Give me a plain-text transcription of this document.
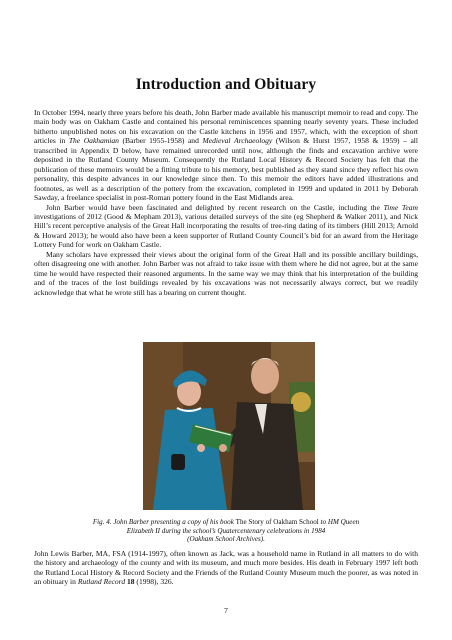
Introduction and Obituary

In October 1994, nearly three years before his death, John Barber made available his manuscript memoir to read and copy. The main body was on Oakham Castle and contained his personal reminiscences spanning nearly seventy years. These included hitherto unpublished notes on his excavation on the Castle kitchens in 1956 and 1957, which, with the exception of short articles in The Oakhamian (Barber 1955-1958) and Medieval Archaeology (Wilson & Hurst 1957, 1958 & 1959) – all transcribed in Appendix D below, have remained unrecorded until now, although the finds and excavation archive were deposited in the Rutland County Museum. Consequently the Rutland Local History & Record Society has felt that the publication of these memoirs would be a fitting tribute to his memory, best published as they stand since they reflect his own personality, this despite advances in our knowledge since then. To this memoir the editors have added illustrations and footnotes, as well as a description of the pottery from the excavation, completed in 1999 and updated in 2011 by Deborah Sawday, a freelance specialist in post-Roman pottery found in the East Midlands area.

John Barber would have been fascinated and delighted by recent research on the Castle, including the Time Team investigations of 2012 (Good & Mepham 2013), various detailed surveys of the site (eg Shepherd & Walker 2011), and Nick Hill’s recent perceptive analysis of the Great Hall incorporating the results of tree-ring dating of its timbers (Hill 2013; Arnold & Howard 2013); he would also have been a keen supporter of Rutland County Council’s bid for an award from the Heritage Lottery Fund for work on Oakham Castle.

Many scholars have expressed their views about the original form of the Great Hall and its possible ancillary buildings, often disagreeing one with another. John Barber was not afraid to take issue with them where he did not agree, but at the same time he would have respected their reasoned arguments. In the same way we may think that his interpretation of the building and of the traces of the lost buildings revealed by his excavations was not necessarily always correct, but we readily acknowledge that what he wrote still has a bearing on current thought.

Fig. 4. John Barber presenting a copy of his book The Story of Oakham School to HM Queen Elizabeth II during the school’s Quatercentenary celebrations in 1984
(Oakham School Archives).

John Lewis Barber, MA, FSA (1914-1997), often known as Jack, was a household name in Rutland in all matters to do with the history and archaeology of the county and with its museum, and much more besides. His death in February 1997 left both the Rutland Local History & Record Society and the Friends of the Rutland County Museum much the poorer, as was noted in an obituary in Rutland Record 18 (1998), 326.

7
